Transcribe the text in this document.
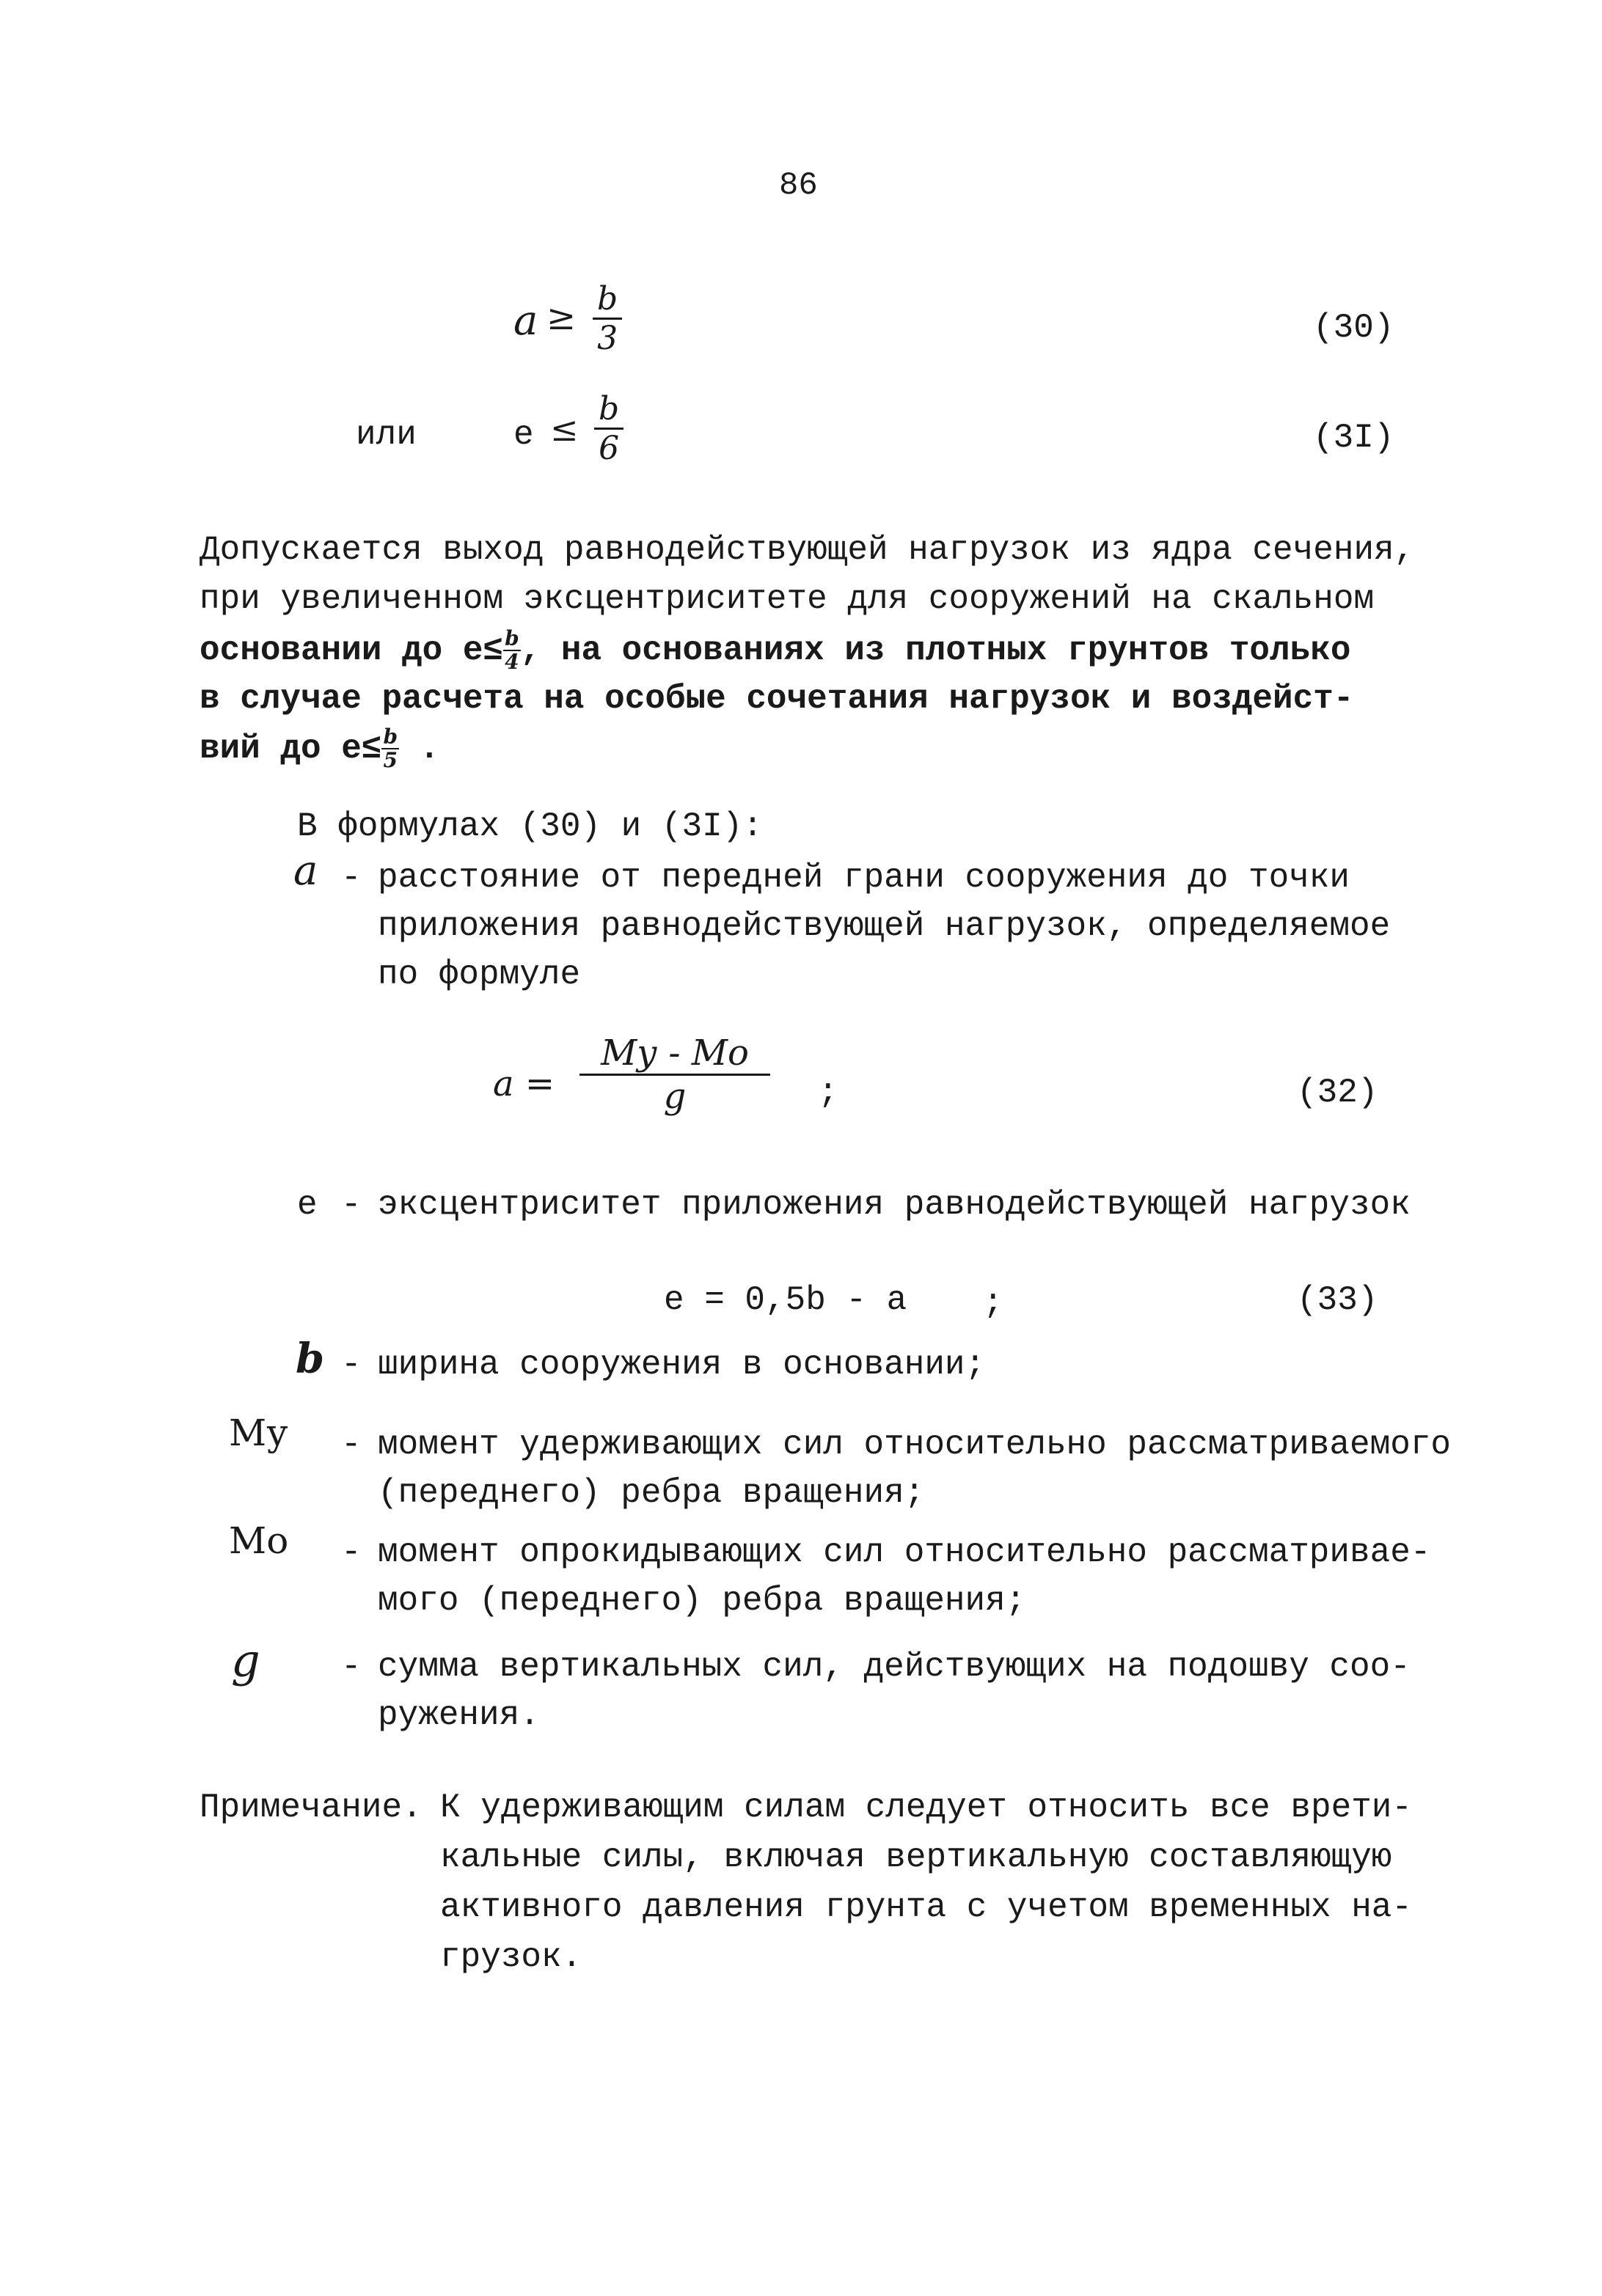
86
$a \ge \frac{b}{3}$	(30)
или	$e \le \frac{b}{6}$	(3I)
Допускается выход равнодействующей нагрузок из ядра сечения,
при увеличенном эксцентриситете для сооружений на скальном
основании до $e\le \frac{b}{4}$ , на основаниях из плотных грунтов только
в случае расчета на особые сочетания нагрузок и воздейст-
вий до $e\le \frac{b}{5}$ .
В формулах (30) и (3I):
a - расстояние от передней грани сооружения до точки
приложения равнодействующей нагрузок, определяемое
по формуле
a =
Mу - Mо
g	;	(32)
e - эксцентриситет приложения равнодействующей нагрузок
e = 0,5b - a ;	(33)
b - ширина сооружения в основании;
Mу - момент удерживающих сил относительно рассматриваемого
(переднего) ребра вращения;
Mо - момент опрокидывающих сил относительно рассматривае-
мого (переднего) ребра вращения;
g - сумма вертикальных сил, действующих на подошву соо-
ружения.
Примечание. К удерживающим силам следует относить все врети-
кальные силы, включая вертикальную составляющую
активного давления грунта с учетом временных на-
грузок.
